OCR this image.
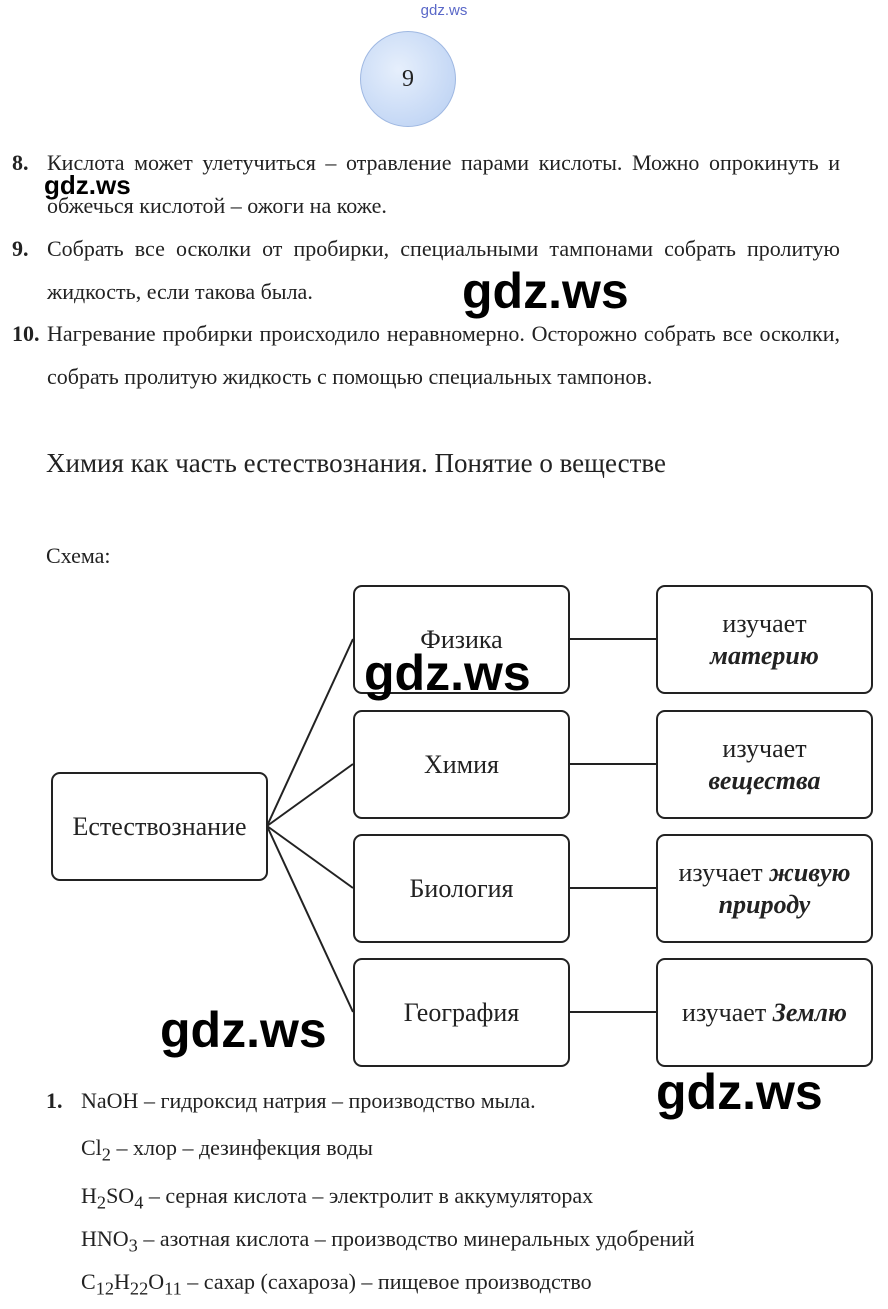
gdz.ws
9
8. Кислота может улетучиться – отравление парами кислоты. Можно опрокинуть и обжечься кислотой – ожоги на коже.
9. Собрать все осколки от пробирки, специальными тампонами собрать пролитую жидкость, если такова была.
10. Нагревание пробирки происходило неравномерно. Осторожно собрать все осколки, собрать пролитую жидкость с помощью специальных тампонов.
Химия как часть естествознания. Понятие о веществе
Схема:
Естествознание
Физика
Химия
Биология
География
изучает
материю
изучает
вещества
изучает живую природу
изучает Землю
1. NaOH – гидроксид натрия – производство мыла.
$Cl_2$ – хлор – дезинфекция воды
$H_2SO_4$ – серная кислота – электролит в аккумуляторах
$HNO_3$ – азотная кислота – производство минеральных удобрений
$C_{12}H_{22}O_{11}$ – сахар (сахароза) – пищевое производство
gdz.ws
gdz.ws
gdz.ws
gdz.ws
gdz.ws
